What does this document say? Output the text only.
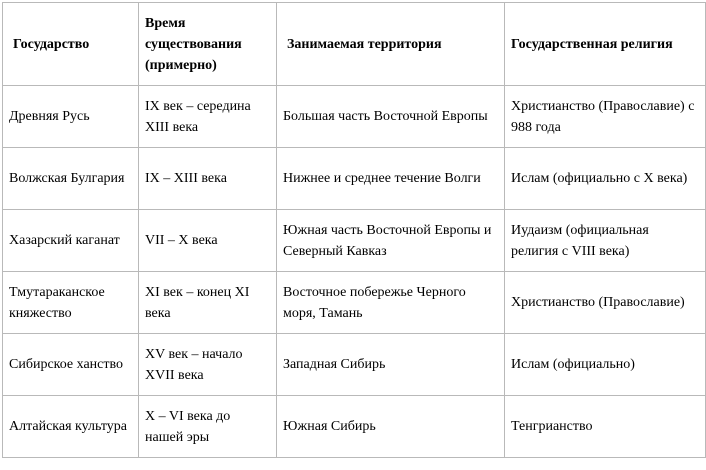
Государство	Время существования (примерно)	Занимаемая территория	Государственная религия
Древняя Русь	IX век – середина XIII века	Большая часть Восточной Европы	Христианство (Православие) с 988 года
Волжская Булгария	IX – XIII века	Нижнее и среднее течение Волги	Ислам (официально с X века)
Хазарский каганат	VII – X века	Южная часть Восточной Европы и Северный Кавказ	Иудаизм (официальная религия с VIII века)
Тмутараканское княжество	XI век – конец XI века	Восточное побережье Черного моря, Тамань	Христианство (Православие)
Сибирское ханство	XV век – начало XVII века	Западная Сибирь	Ислам (официально)
Алтайская культура	X – VI века до нашей эры	Южная Сибирь	Тенгрианство
